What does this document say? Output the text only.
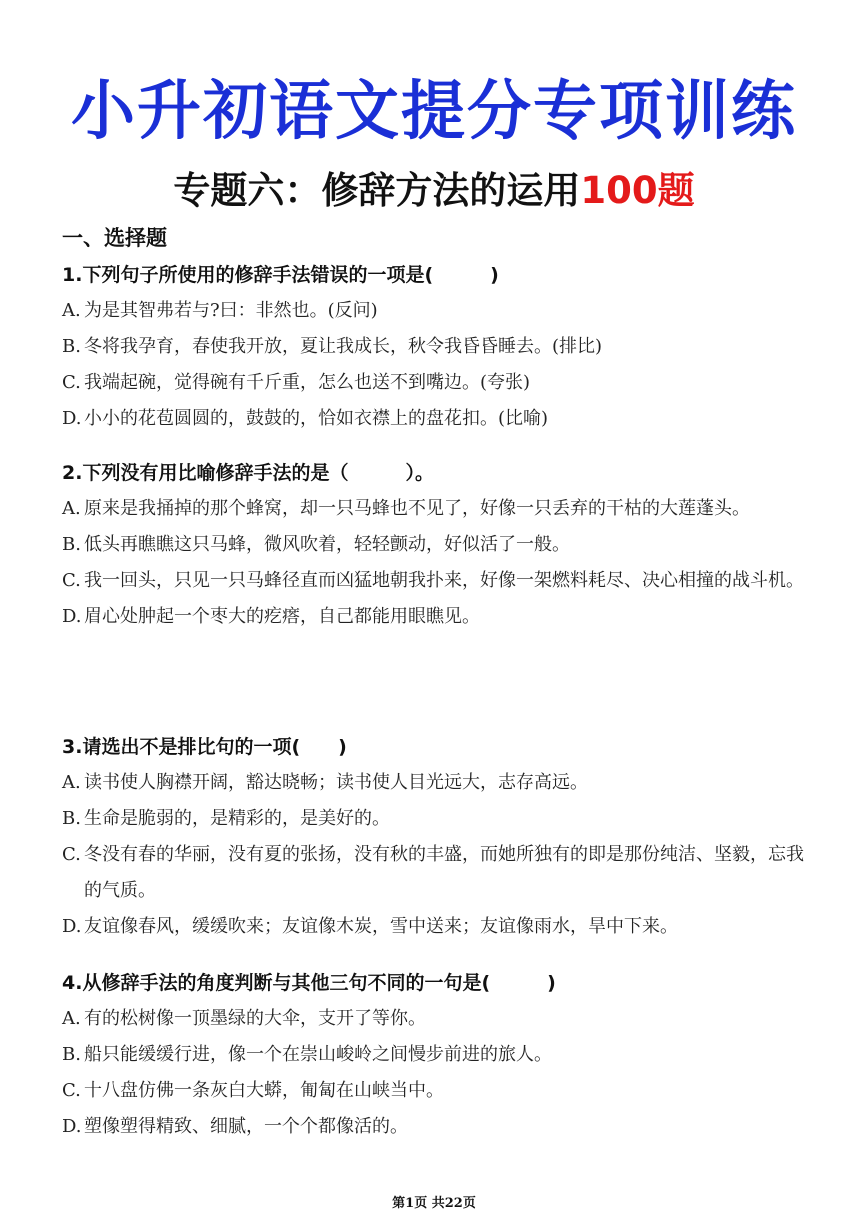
小升初语文提分专项训练
专题六：修辞方法的运用100题
一、选择题
1.下列句子所使用的修辞手法错误的一项是(　　　)
A. 为是其智弗若与?曰：非然也。(反问)
B. 冬将我孕育，春使我开放，夏让我成长，秋令我昏昏睡去。(排比)
C. 我端起碗，觉得碗有千斤重，怎么也送不到嘴边。(夸张)
D. 小小的花苞圆圆的，鼓鼓的，恰如衣襟上的盘花扣。(比喻)
2.下列没有用比喻修辞手法的是（　　　）。
A. 原来是我捅掉的那个蜂窝，却一只马蜂也不见了，好像一只丢弃的干枯的大莲蓬头。
B. 低头再瞧瞧这只马蜂，微风吹着，轻轻颤动，好似活了一般。
C. 我一回头，只见一只马蜂径直而凶猛地朝我扑来，好像一架燃料耗尽、决心相撞的战斗机。
D. 眉心处肿起一个枣大的疙瘩，自己都能用眼瞧见。
3.请选出不是排比句的一项(　　)
A. 读书使人胸襟开阔，豁达晓畅；读书使人目光远大，志存高远。
B. 生命是脆弱的，是精彩的，是美好的。
C. 冬没有春的华丽，没有夏的张扬，没有秋的丰盛，而她所独有的即是那份纯洁、坚毅，忘我的气质。
D. 友谊像春风，缓缓吹来；友谊像木炭，雪中送来；友谊像雨水，旱中下来。
4.从修辞手法的角度判断与其他三句不同的一句是(　　　)
A. 有的松树像一顶墨绿的大伞，支开了等你。
B. 船只能缓缓行进，像一个在崇山峻岭之间慢步前进的旅人。
C. 十八盘仿佛一条灰白大蟒，匍匐在山峡当中。
D. 塑像塑得精致、细腻，一个个都像活的。
第1页 共22页
